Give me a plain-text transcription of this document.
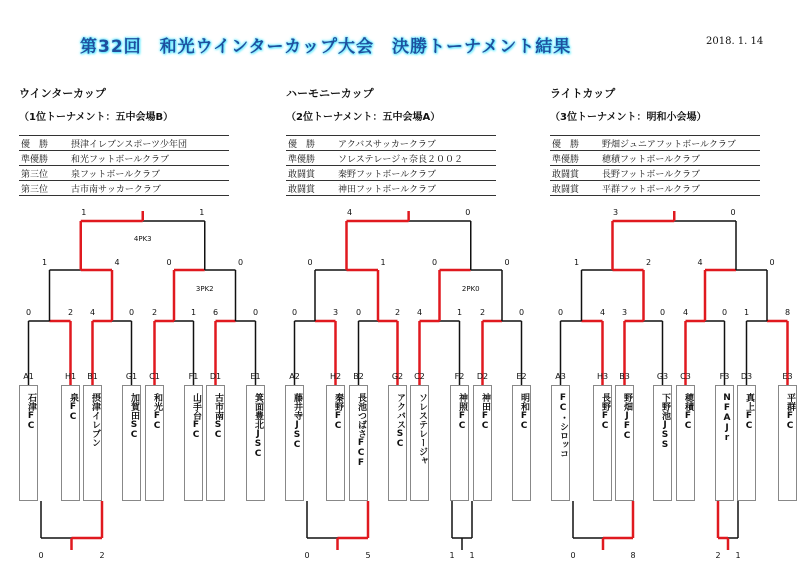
第32回　和光ウインターカップ大会　決勝トーナメント結果	2018. 1. 14
ウインターカップ
（1位トーナメント：五中会場B）
優　勝	摂津イレブンスポーツ少年団
準優勝	和光フットボールクラブ
第三位	泉フットボールクラブ
第三位	古市南サッカークラブ
ハーモニーカップ
（2位トーナメント：五中会場A）
優　勝	アクバスサッカークラブ
準優勝	ソレステレージャ奈良２００２
敢闘賞	秦野フットボールクラブ
敢闘賞	神田フットボールクラブ
ライトカップ
（3位トーナメント：明和小会場）
優　勝	野畑ジュニアフットボールクラブ
準優勝	穂積フットボールクラブ
敢闘賞	長野フットボールクラブ
敢闘賞	平群フットボールクラブ
0	2 4	0 2	1 6	0
1	4	0	0
3PK2
1	1
4PK3
0	2
0	3 0	2 4	1 2	0
0	1	0	0
2PK0
4	0
0	5	1 1
0	4 3	0 4	0 1	8
1	2	4	0
3	0
0	8	2 1
A1
石津FC
H1
泉FC
B1
摂津イレブン
G1
加賀田SC
C1
和光FC
F1
山手台FC
D1
古市南SC
E1
箕面豊北JSC
A2
藤井寺JSC
H2
秦野FC
B2
長池つばさFCF
G2
アクバスSC
C2
ソレステレージャ
F2
神照FC
D2
神田FC
E2
明和FC
A3
FC・シロッコ
H3
長野FC
B3
野畑JFC
G3
下野池JSS
C3
穂積FC
F3
NFAJr
D3
真上FC
E3
平群FC
